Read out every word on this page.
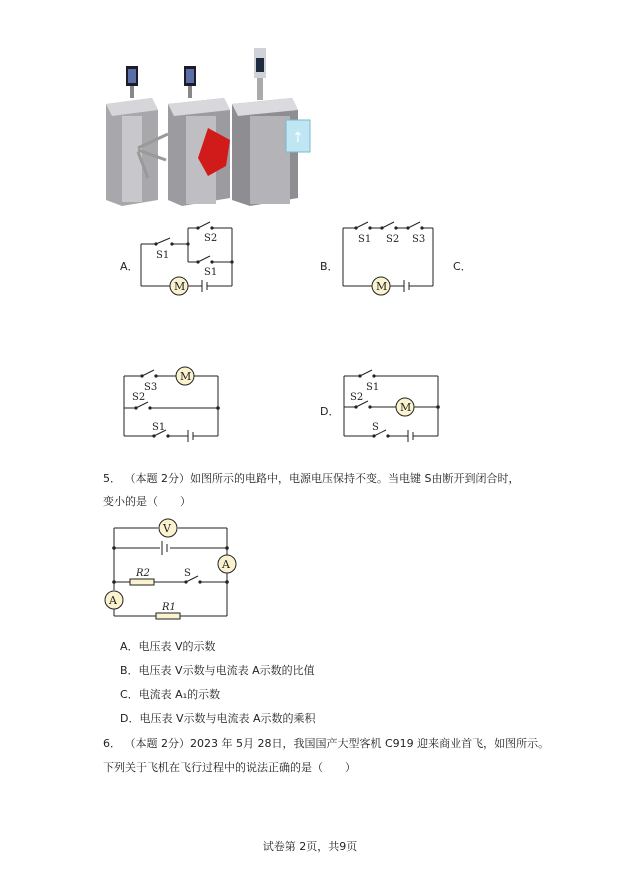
↑
A．
M
S1
S2
S1	B．
M
S1 S2 S3
C．
M
S3
S2
S1
D．	M
S1
S2
S
5． （本题 2分）如图所示的电路中，电源电压保持不变。当电键 S由断开到闭合时，
变小的是（　　）
V
A
A
R2
R1
S
A．电压表 V的示数
B．电压表 V示数与电流表 A示数的比值
C．电流表 A₁的示数
D．电压表 V示数与电流表 A示数的乘积
6． （本题 2分）2023 年 5月 28日，我国国产大型客机 C919 迎来商业首飞，如图所示。
下列关于飞机在飞行过程中的说法正确的是（　　）
试卷第 2页，共9页
